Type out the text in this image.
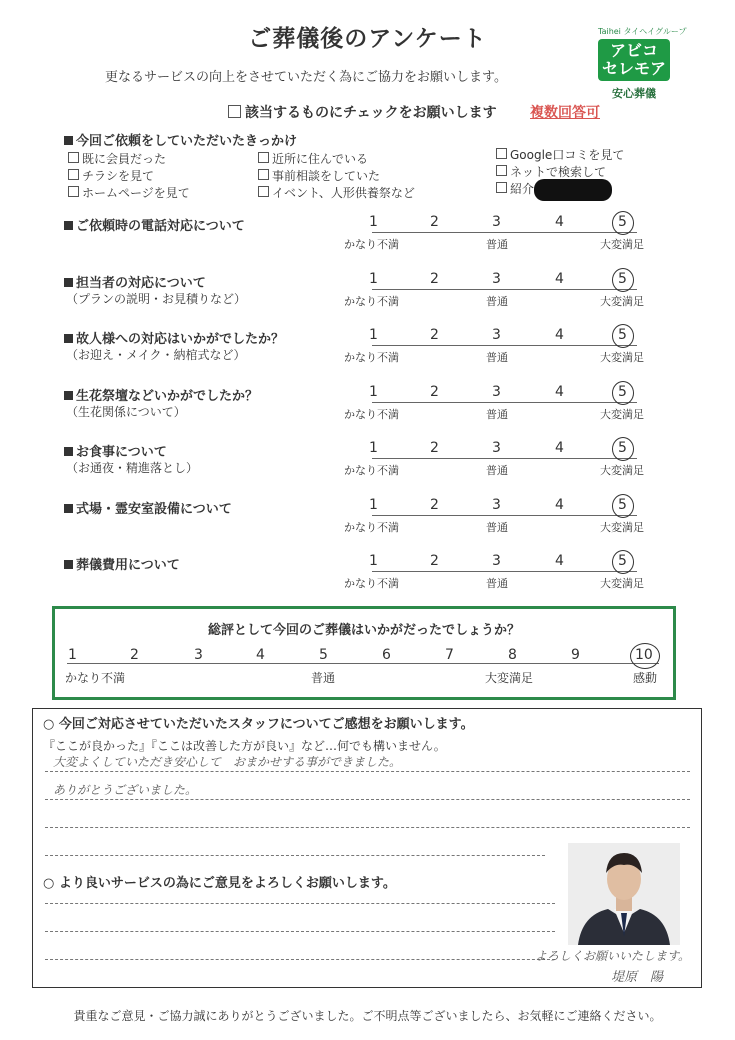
ご葬儀後のアンケート
更なるサービスの向上をさせていただく為にご協力をお願いします。
該当するものにチェックをお願いします 複数回答可
Taihei タイヘイグループ
アビコ
セレモア
安心葬儀
今回ご依頼をしていただいたきっかけ
既に会員だった
チラシを見て
ホームページを見て
近所に住んでいる
事前相談をしていた
イベント、人形供養祭など
Google口コミを見て
ネットで検索して
紹介
ご依頼時の電話対応について	1	2	3	4	5
かなり不満	普通	大変満足
担当者の対応について
（プランの説明・お見積りなど）
1	2	3	4	5
かなり不満	普通	大変満足
故人様への対応はいかがでしたか？
（お迎え・メイク・納棺式など）
1	2	3	4	5
かなり不満	普通	大変満足
生花祭壇などいかがでしたか？
（生花関係について）
1	2	3	4	5
かなり不満	普通	大変満足
お食事について
（お通夜・精進落とし）
1	2	3	4	5
かなり不満	普通	大変満足
式場・霊安室設備について	1	2	3	4	5
かなり不満	普通	大変満足
葬儀費用について	1	2	3	4	5
かなり不満	普通	大変満足
総評として今回のご葬儀はいかがだったでしょうか？
1	2	3	4	5	6	7	8	9	10
かなり不満	普通	大変満足	感動
○ 今回ご対応させていただいたスタッフについてご感想をお願いします。
『ここが良かった』『ここは改善した方が良い』など…何でも構いません。
大変よくしていただき安心して　おまかせする事ができました。
ありがとうございました。
○ より良いサービスの為にご意見をよろしくお願いします。
よろしくお願いいたします。
堤原　陽
貴重なご意見・ご協力誠にありがとうございました。ご不明点等ございましたら、お気軽にご連絡ください。
